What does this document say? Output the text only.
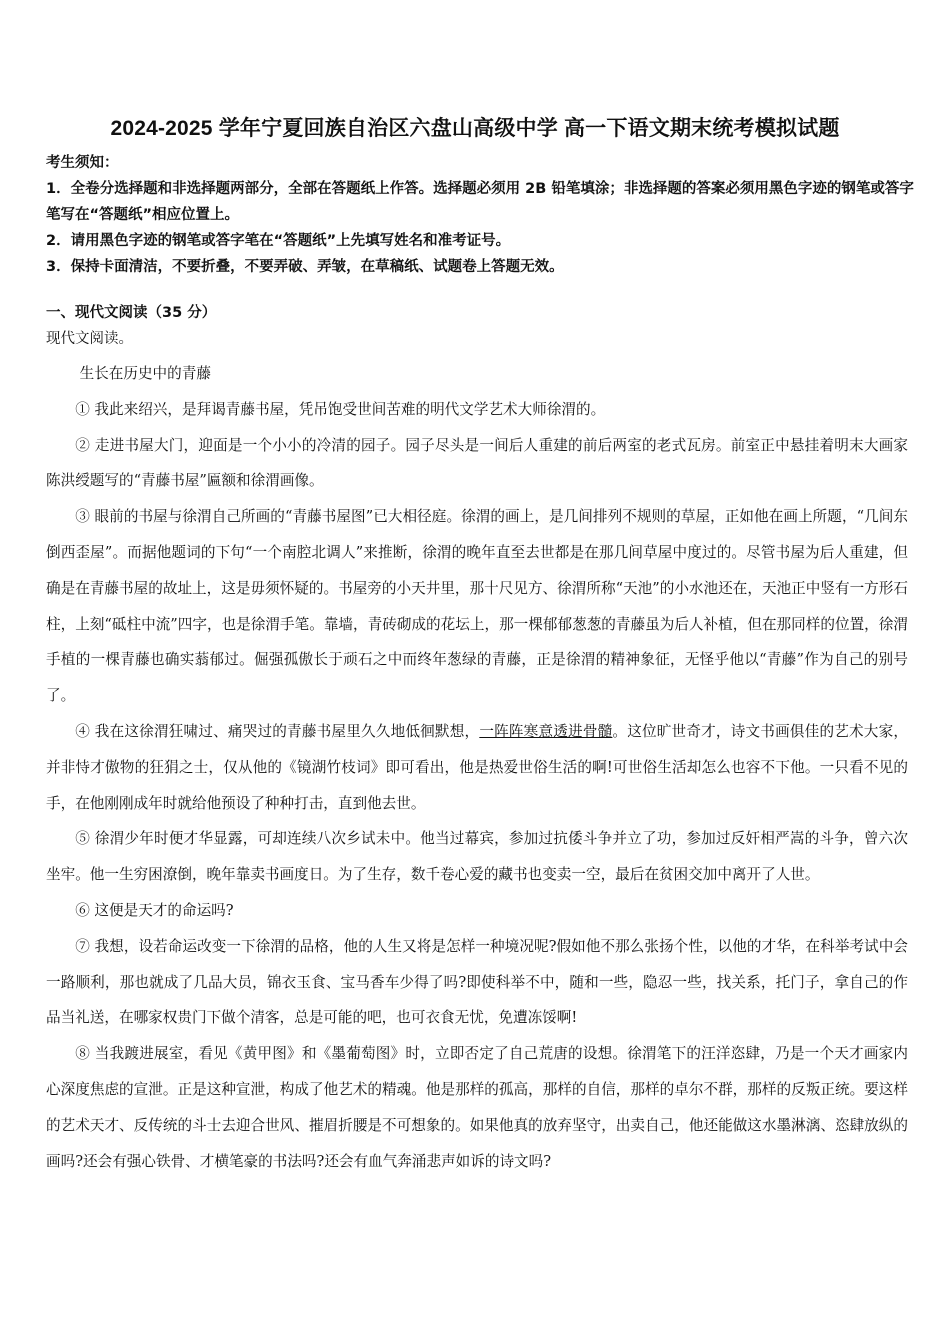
2024-2025 学年宁夏回族自治区六盘山高级中学 高一下语文期末统考模拟试题

考生须知：

1．全卷分选择题和非选择题两部分，全部在答题纸上作答。选择题必须用 2B 铅笔填涂；非选择题的答案必须用黑色字迹的钢笔或答字笔写在“答题纸”相应位置上。

2．请用黑色字迹的钢笔或答字笔在“答题纸”上先填写姓名和准考证号。

3．保持卡面清洁，不要折叠，不要弄破、弄皱，在草稿纸、试题卷上答题无效。

一、现代文阅读（35 分）

现代文阅读。

生长在历史中的青藤

① 我此来绍兴，是拜谒青藤书屋，凭吊饱受世间苦难的明代文学艺术大师徐渭的。

② 走进书屋大门，迎面是一个小小的冷清的园子。园子尽头是一间后人重建的前后两室的老式瓦房。前室正中悬挂着明末大画家陈洪绶题写的“青藤书屋”匾额和徐渭画像。

③ 眼前的书屋与徐渭自己所画的“青藤书屋图”已大相径庭。徐渭的画上，是几间排列不规则的草屋，正如他在画上所题，“几间东倒西歪屋”。而据他题词的下句“一个南腔北调人”来推断，徐渭的晚年直至去世都是在那几间草屋中度过的。尽管书屋为后人重建，但确是在青藤书屋的故址上，这是毋须怀疑的。书屋旁的小天井里，那十尺见方、徐渭所称“天池”的小水池还在，天池正中竖有一方形石柱，上刻“砥柱中流”四字，也是徐渭手笔。靠墙，青砖砌成的花坛上，那一棵郁郁葱葱的青藤虽为后人补植，但在那同样的位置，徐渭手植的一棵青藤也确实蓊郁过。倔强孤傲长于顽石之中而终年葱绿的青藤，正是徐渭的精神象征，无怪乎他以“青藤”作为自己的别号了。

④ 我在这徐渭狂啸过、痛哭过的青藤书屋里久久地低徊默想，一阵阵寒意透进骨髓。这位旷世奇才，诗文书画俱佳的艺术大家，并非恃才傲物的狂狷之士，仅从他的《镜湖竹枝词》即可看出，他是热爱世俗生活的啊!可世俗生活却怎么也容不下他。一只看不见的手，在他刚刚成年时就给他预设了种种打击，直到他去世。

⑤ 徐渭少年时便才华显露，可却连续八次乡试未中。他当过幕宾，参加过抗倭斗争并立了功，参加过反奸相严嵩的斗争，曾六次坐牢。他一生穷困潦倒，晚年靠卖书画度日。为了生存，数千卷心爱的藏书也变卖一空，最后在贫困交加中离开了人世。

⑥ 这便是天才的命运吗?

⑦ 我想，设若命运改变一下徐渭的品格，他的人生又将是怎样一种境况呢?假如他不那么张扬个性，以他的才华，在科举考试中会一路顺利，那也就成了几品大员，锦衣玉食、宝马香车少得了吗?即使科举不中，随和一些，隐忍一些，找关系，托门子，拿自己的作品当礼送，在哪家权贵门下做个清客，总是可能的吧，也可衣食无忧，免遭冻馁啊!

⑧ 当我踱进展室，看见《黄甲图》和《墨葡萄图》时，立即否定了自己荒唐的设想。徐渭笔下的汪洋恣肆，乃是一个天才画家内心深度焦虑的宣泄。正是这种宣泄，构成了他艺术的精魂。他是那样的孤高，那样的自信，那样的卓尔不群，那样的反叛正统。要这样的艺术天才、反传统的斗士去迎合世风、摧眉折腰是不可想象的。如果他真的放弃坚守，出卖自己，他还能做这水墨淋漓、恣肆放纵的画吗?还会有强心铁骨、才横笔豪的书法吗?还会有血气奔涌悲声如诉的诗文吗?
